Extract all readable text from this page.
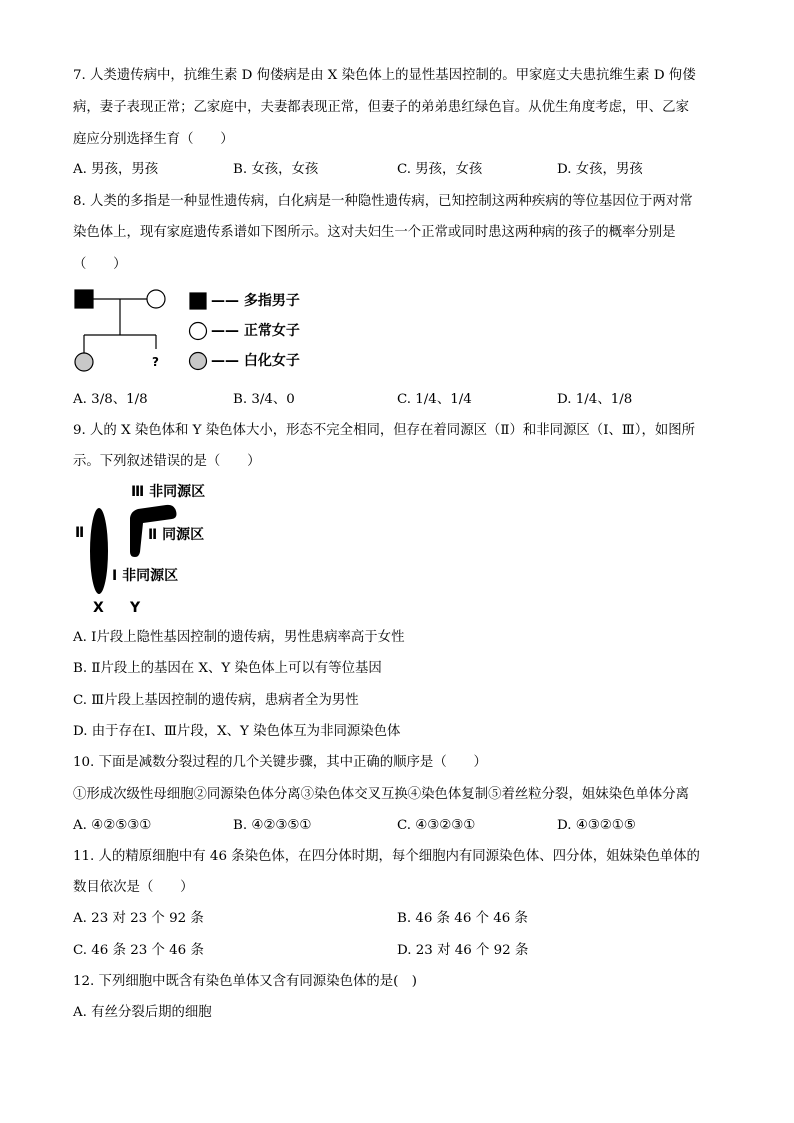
7. 人类遗传病中，抗维生素 D 佝偻病是由 X 染色体上的显性基因控制的。甲家庭丈夫患抗维生素 D 佝偻
病，妻子表现正常；乙家庭中，夫妻都表现正常，但妻子的弟弟患红绿色盲。从优生角度考虑，甲、乙家
庭应分别选择生育（　　）
A. 男孩，男孩	B. 女孩，女孩	C. 男孩，女孩	D. 女孩，男孩
8. 人类的多指是一种显性遗传病，白化病是一种隐性遗传病，已知控制这两种疾病的等位基因位于两对常
染色体上，现有家庭遗传系谱如下图所示。这对夫妇生一个正常或同时患这两种病的孩子的概率分别是
（　　）
?
—— 多指男子
—— 正常女子
—— 白化女子
A. 3/8、1/8	B. 3/4、0	C. 1/4、1/4	D. 1/4、1/8
9. 人的 X 染色体和 Y 染色体大小，形态不完全相同，但存在着同源区（Ⅱ）和非同源区（Ⅰ、Ⅲ），如图所
示。下列叙述错误的是（　　）
Ⅲ 非同源区
Ⅱ	Ⅱ 同源区
Ⅰ 非同源区
X Y
A. Ⅰ片段上隐性基因控制的遗传病，男性患病率高于女性
B. Ⅱ片段上的基因在 X、Y 染色体上可以有等位基因
C. Ⅲ片段上基因控制的遗传病，患病者全为男性
D. 由于存在Ⅰ、Ⅲ片段，X、Y 染色体互为非同源染色体
10. 下面是减数分裂过程的几个关键步骤，其中正确的顺序是（　　）
①形成次级性母细胞②同源染色体分离③染色体交叉互换④染色体复制⑤着丝粒分裂，姐妹染色单体分离
A. ④②⑤③①	B. ④②③⑤①	C. ④③②③①	D. ④③②①⑤
11. 人的精原细胞中有 46 条染色体，在四分体时期，每个细胞内有同源染色体、四分体，姐妹染色单体的
数目依次是（　　）
A. 23 对 23 个 92 条	B. 46 条 46 个 46 条
C. 46 条 23 个 46 条	D. 23 对 46 个 92 条
12. 下列细胞中既含有染色单体又含有同源染色体的是(　)
A. 有丝分裂后期的细胞
